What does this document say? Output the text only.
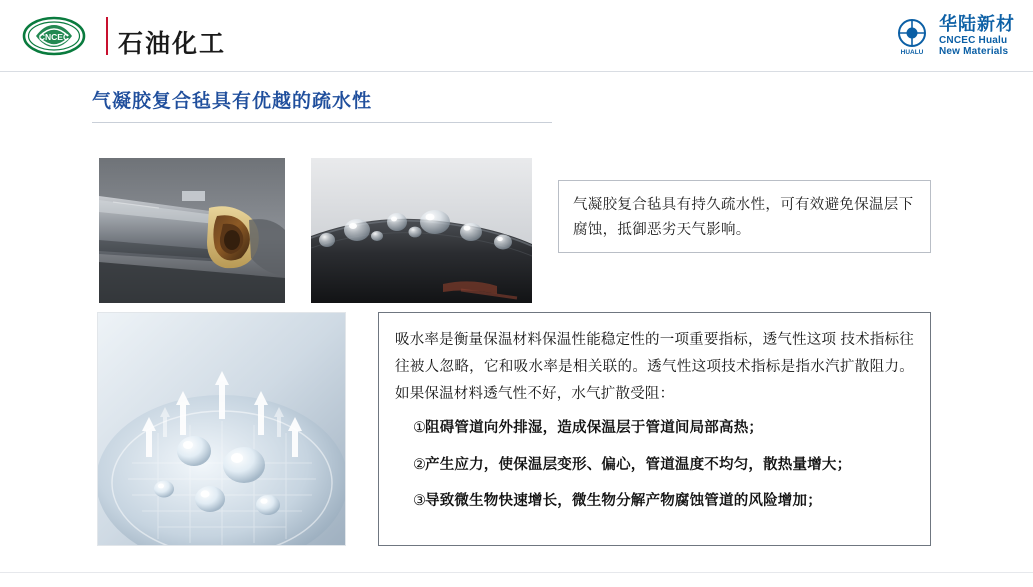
CNCEC 石油化工	HUALU
华陆新材
CNCEC Hualu
New Materials
气凝胶复合毡具有优越的疏水性
气凝胶复合毡具有持久疏水性，可有效避免保温层下腐蚀，抵御恶劣天气影响。
吸水率是衡量保温材料保温性能稳定性的一项重要指标，透气性这项 技术指标往往被人忽略，它和吸水率是相关联的。透气性这项技术指标是指水汽扩散阻力。如果保温材料透气性不好，水气扩散受阻：
①
阻碍管道向外排湿，造成保温层于管道间局部高热；
②
产生应力，使保温层变形、偏心，管道温度不均匀，散热量增大；
③
导致微生物快速增长，微生物分解产物腐蚀管道的风险增加；
